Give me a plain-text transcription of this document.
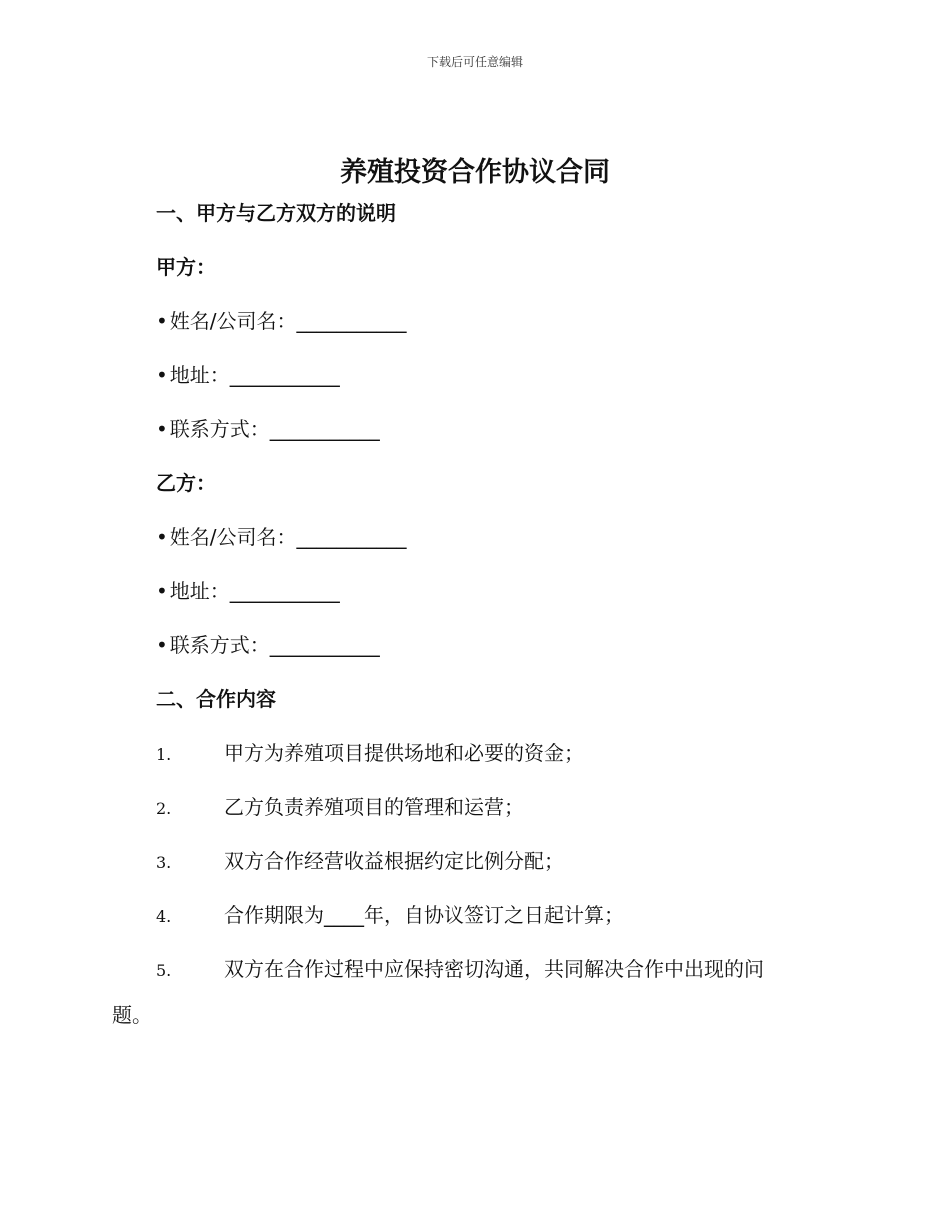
下载后可任意编辑
养殖投资合作协议合同
一、甲方与乙方双方的说明
甲方：
• 姓名/公司名：___________
• 地址：___________
• 联系方式：___________
乙方：
• 姓名/公司名：___________
• 地址：___________
• 联系方式：___________
二、合作内容
1.	甲方为养殖项目提供场地和必要的资金；
2.	乙方负责养殖项目的管理和运营；
3.	双方合作经营收益根据约定比例分配；
4.	合作期限为____年，自协议签订之日起计算；
5.	双方在合作过程中应保持密切沟通，共同解决合作中出现的问
题。
